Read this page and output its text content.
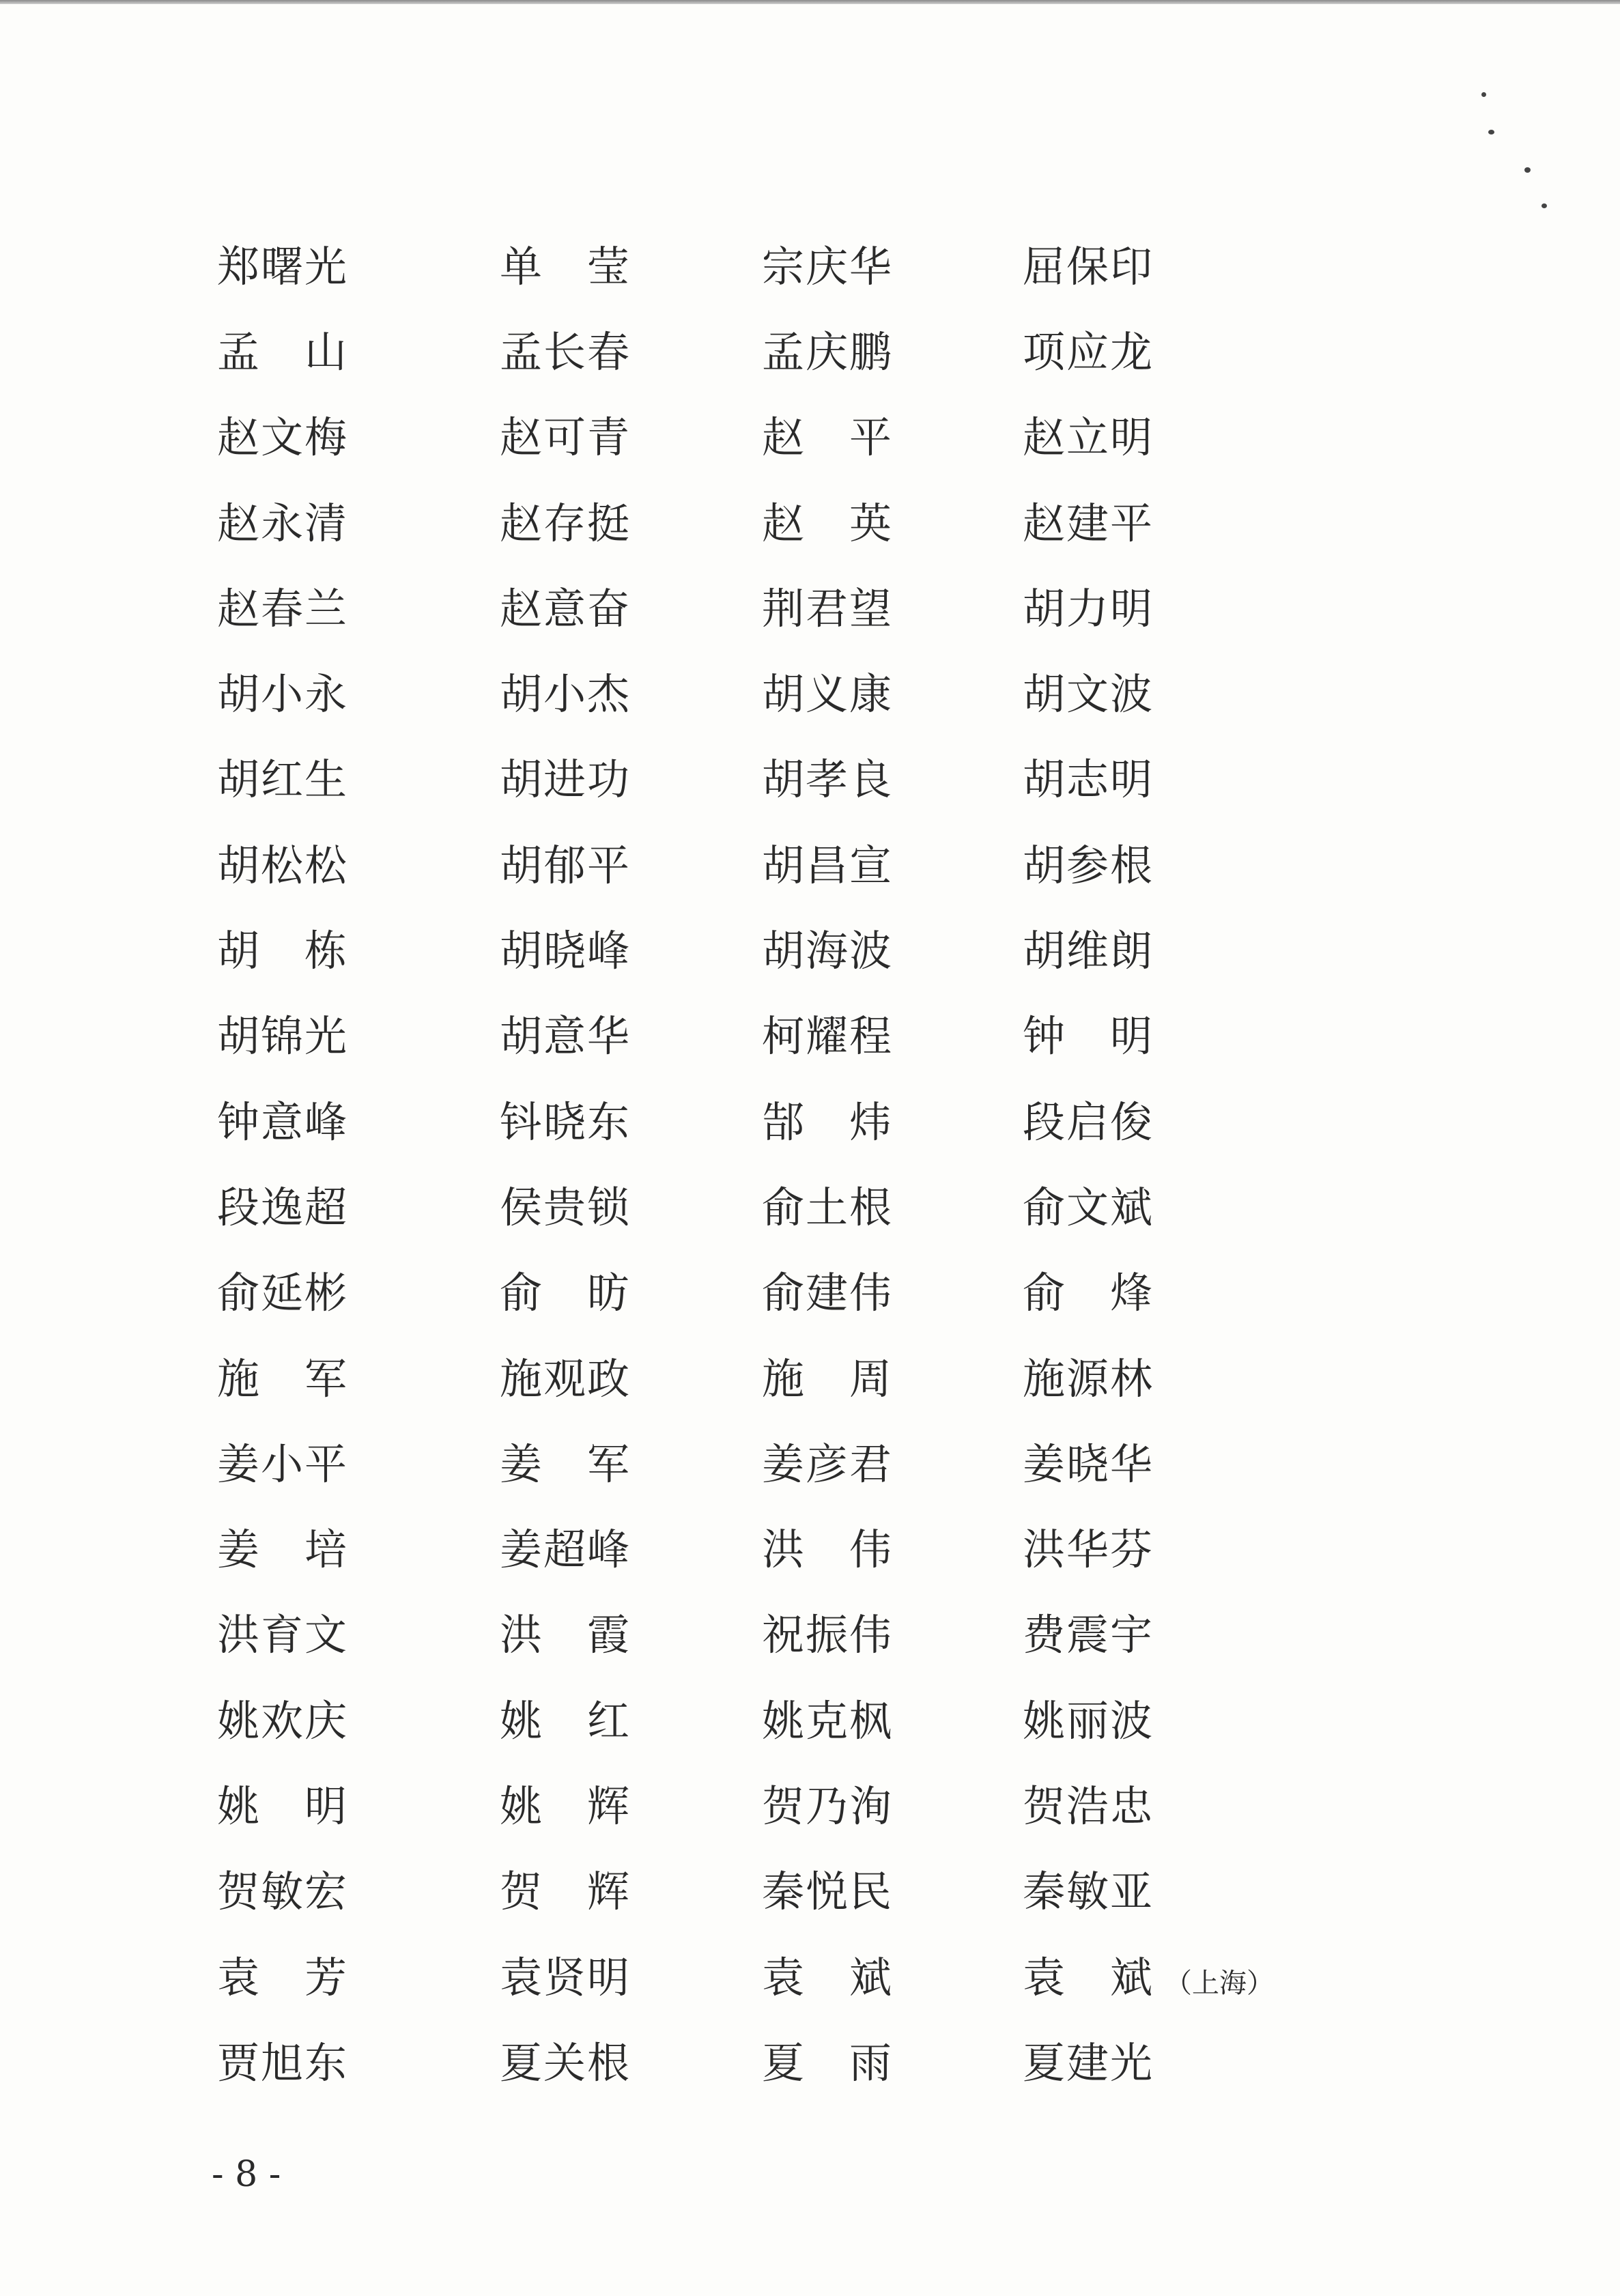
郑 曙 光	单 莹	宗 庆 华	屈 保 印
孟 山	孟 长 春	孟 庆 鹏	项 应 龙
赵 文 梅	赵 可 青	赵 平	赵 立 明
赵 永 清	赵 存 挺	赵 英	赵 建 平
赵 春 兰	赵 意 奋	荆 君 望	胡 力 明
胡 小 永	胡 小 杰	胡 义 康	胡 文 波
胡 红 生	胡 进 功	胡 孝 良	胡 志 明
胡 松 松	胡 郁 平	胡 昌 宣	胡 参 根
胡 栋	胡 晓 峰	胡 海 波	胡 维 朗
胡 锦 光	胡 意 华	柯 耀 程	钟 明
钟 意 峰	钭 晓 东	郜 炜	段 启 俊
段 逸 超	侯 贵 锁	俞 土 根	俞 文 斌
俞 延 彬	俞 昉	俞 建 伟	俞 烽
施 军	施 观 政	施 周	施 源 林
姜 小 平	姜 军	姜 彦 君	姜 晓 华
姜 培	姜 超 峰	洪 伟	洪 华 芬
洪 育 文	洪 霞	祝 振 伟	费 震 宇
姚 欢 庆	姚 红	姚 克 枫	姚 丽 波
姚 明	姚 辉	贺 乃 洵	贺 浩 忠
贺 敏 宏	贺 辉	秦 悦 民	秦 敏 亚
袁 芳	袁 贤 明	袁 斌	袁 斌 （上海）
贾 旭 东	夏 关 根	夏 雨	夏 建 光
- 8 -
